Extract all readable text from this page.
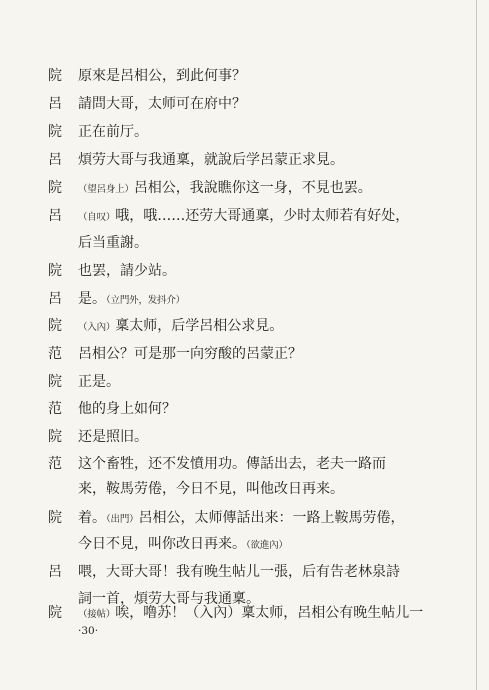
院	原來是呂相公，到此何事？
呂	請問大哥，太师可在府中？
院	正在前厅。
呂	煩劳大哥与我通稟，就說后学呂蒙正求見。
院	（望呂身上）呂相公，我說瞧你这一身，不見也罢。
呂	（自叹）哦，哦……还劳大哥通稟，少时太师若有好处，
后当重謝。
院	也罢，請少站。
呂	是。（立門外，发抖介）
院	（入內）稟太师，后学呂相公求見。
范	呂相公？可是那一向穷酸的呂蒙正？
院	正是。
范	他的身上如何？
院	还是照旧。
范	这个畜牲，还不发憤用功。傳話出去，老夫一路而
来，鞍馬劳倦，今日不見，叫他改日再来。
院	着。（出門）呂相公，太师傳話出来：一路上鞍馬劳倦，
今日不見，叫你改日再来。（欲進內）
呂	喂，大哥大哥！我有晚生帖儿一張，后有告老林泉詩
詞一首，煩劳大哥与我通稟。
院	（接帖）唉，噜苏！（入內）稟太师，呂相公有晚生帖儿一
·30·
